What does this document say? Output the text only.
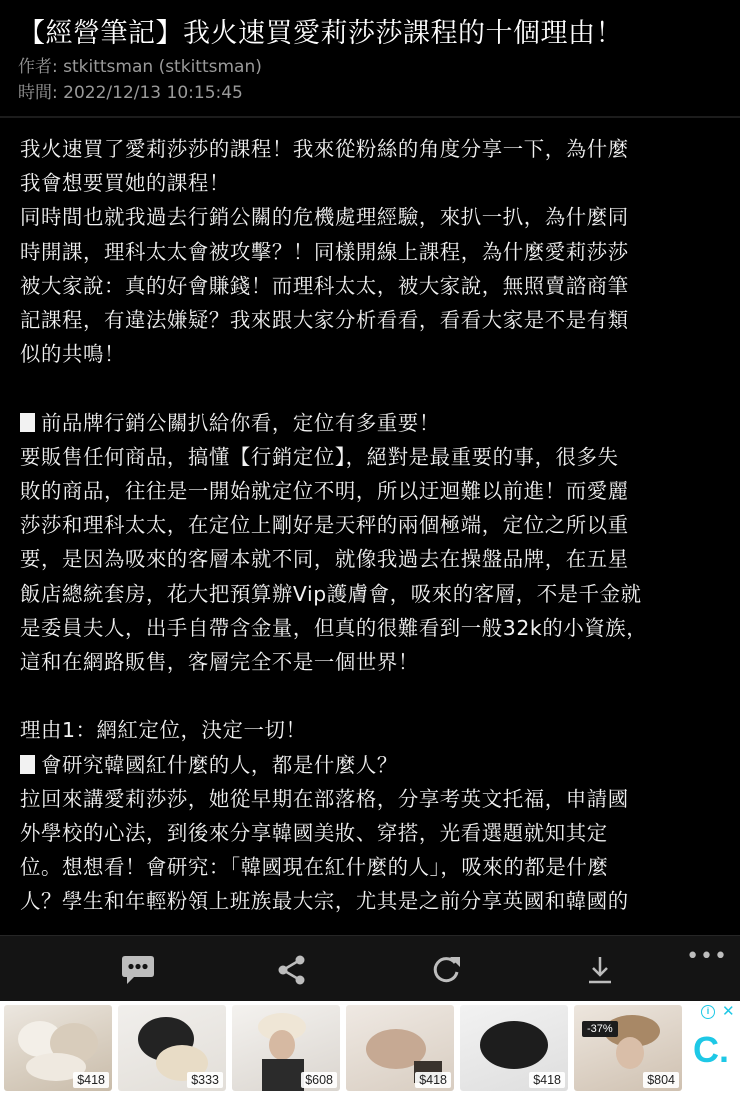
【經營筆記】我火速買愛莉莎莎課程的十個理由！
作者: stkittsman (stkittsman)
時間: 2022/12/13 10:15:45
我火速買了愛莉莎莎的課程！我來從粉絲的角度分享一下，為什麼
我會想要買她的課程！
同時間也就我過去行銷公關的危機處理經驗，來扒一扒，為什麼同
時開課，理科太太會被攻擊？！同樣開線上課程，為什麼愛莉莎莎
被大家說：真的好會賺錢！而理科太太，被大家說，無照賣諮商筆
記課程，有違法嫌疑？我來跟大家分析看看，看看大家是不是有類
似的共鳴！
前品牌行銷公關扒給你看，定位有多重要！
要販售任何商品，搞懂【行銷定位】，絕對是最重要的事，很多失
敗的商品，往往是一開始就定位不明，所以迂迴難以前進！而愛麗
莎莎和理科太太，在定位上剛好是天秤的兩個極端，定位之所以重
要，是因為吸來的客層本就不同，就像我過去在操盤品牌，在五星
飯店總統套房，花大把預算辦Vip護膚會，吸來的客層，不是千金就
是委員夫人，出手自帶含金量，但真的很難看到一般32k的小資族，
這和在網路販售，客層完全不是一個世界！
理由1：網紅定位，決定一切！
會研究韓國紅什麼的人，都是什麼人？
拉回來講愛莉莎莎，她從早期在部落格，分享考英文托福，申請國
外學校的心法，到後來分享韓國美妝、穿搭，光看選題就知其定
位。想想看！會研究：「韓國現在紅什麼的人」，吸來的都是什麼
人？學生和年輕粉領上班族最大宗，尤其是之前分享英國和韓國的
•••
$418	$333	$608	$418	$418
-37%
$804
i ✕
C.
